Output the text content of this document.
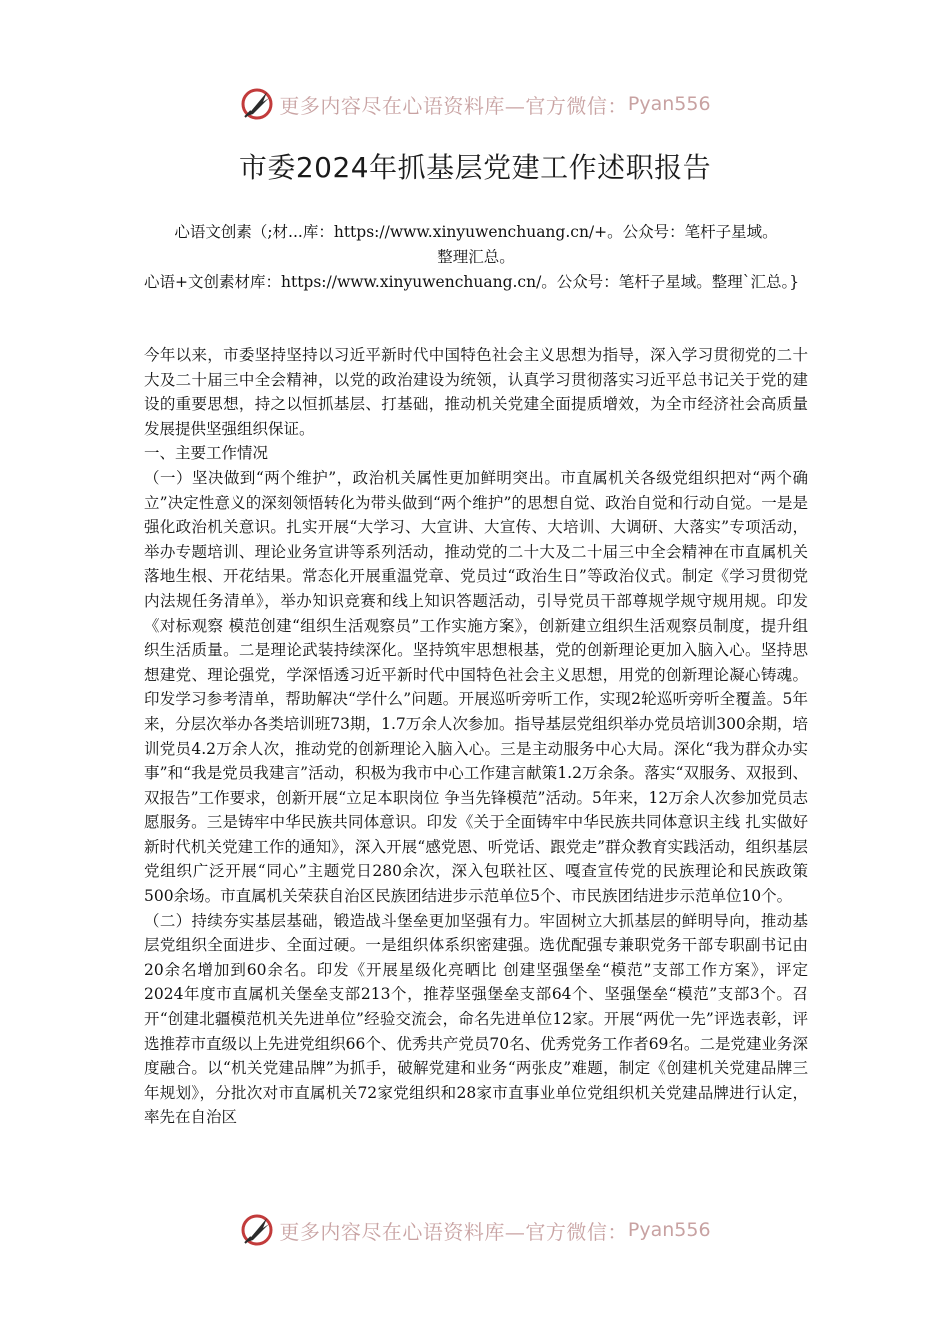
更多内容尽在心语资料库—官方微信： Pyan556
市委2024年抓基层党建工作述职报告
心语文创素（;材...库：https://www.xinyuwenchuang.cn/+。公众号：笔杆子星域。
整理汇总。
心语+文创素材库：https://www.xinyuwenchuang.cn/。公众号：笔杆子星域。整理`汇总。}

今年以来，市委坚持坚持以习近平新时代中国特色社会主义思想为指导，深入学习贯彻党的二十大及二十届三中全会精神，以党的政治建设为统领，认真学习贯彻落实习近平总书记关于党的建设的重要思想，持之以恒抓基层、打基础，推动机关党建全面提质增效，为全市经济社会高质量发展提供坚强组织保证。

一、主要工作情况

（一）坚决做到“两个维护”，政治机关属性更加鲜明突出。市直属机关各级党组织把对“两个确立”决定性意义的深刻领悟转化为带头做到“两个维护”的思想自觉、政治自觉和行动自觉。一是是强化政治机关意识。扎实开展“大学习、大宣讲、大宣传、大培训、大调研、大落实”专项活动，举办专题培训、理论业务宣讲等系列活动，推动党的二十大及二十届三中全会精神在市直属机关落地生根、开花结果。常态化开展重温党章、党员过“政治生日”等政治仪式。制定《学习贯彻党内法规任务清单》，举办知识竞赛和线上知识答题活动，引导党员干部尊规学规守规用规。印发《对标观察 模范创建“组织生活观察员”工作实施方案》，创新建立组织生活观察员制度，提升组织生活质量。二是理论武装持续深化。坚持筑牢思想根基，党的创新理论更加入脑入心。坚持思想建党、理论强党，学深悟透习近平新时代中国特色社会主义思想，用党的创新理论凝心铸魂。印发学习参考清单，帮助解决“学什么”问题。开展巡听旁听工作，实现2轮巡听旁听全覆盖。5年来，分层次举办各类培训班73期，1.7万余人次参加。指导基层党组织举办党员培训300余期，培训党员4.2万余人次，推动党的创新理论入脑入心。三是主动服务中心大局。深化“我为群众办实事”和“我是党员我建言”活动，积极为我市中心工作建言献策1.2万余条。落实“双服务、双报到、双报告”工作要求，创新开展“立足本职岗位 争当先锋模范”活动。5年来，12万余人次参加党员志愿服务。三是铸牢中华民族共同体意识。印发《关于全面铸牢中华民族共同体意识主线 扎实做好新时代机关党建工作的通知》，深入开展“感党恩、听党话、跟党走”群众教育实践活动，组织基层党组织广泛开展“同心”主题党日280余次，深入包联社区、嘎查宣传党的民族理论和民族政策500余场。市直属机关荣获自治区民族团结进步示范单位5个、市民族团结进步示范单位10个。

（二）持续夯实基层基础，锻造战斗堡垒更加坚强有力。牢固树立大抓基层的鲜明导向，推动基层党组织全面进步、全面过硬。一是组织体系织密建强。选优配强专兼职党务干部专职副书记由20余名增加到60余名。印发《开展星级化亮晒比 创建坚强堡垒“模范”支部工作方案》，评定2024年度市直属机关堡垒支部213个，推荐坚强堡垒支部64个、坚强堡垒“模范”支部3个。召开“创建北疆模范机关先进单位”经验交流会，命名先进单位12家。开展“两优一先”评选表彰，评选推荐市直级以上先进党组织66个、优秀共产党员70名、优秀党务工作者69名。二是党建业务深度融合。以“机关党建品牌”为抓手，破解党建和业务“两张皮”难题，制定《创建机关党建品牌三年规划》，分批次对市直属机关72家党组织和28家市直事业单位党组织机关党建品牌进行认定，率先在自治区

更多内容尽在心语资料库—官方微信： Pyan556
